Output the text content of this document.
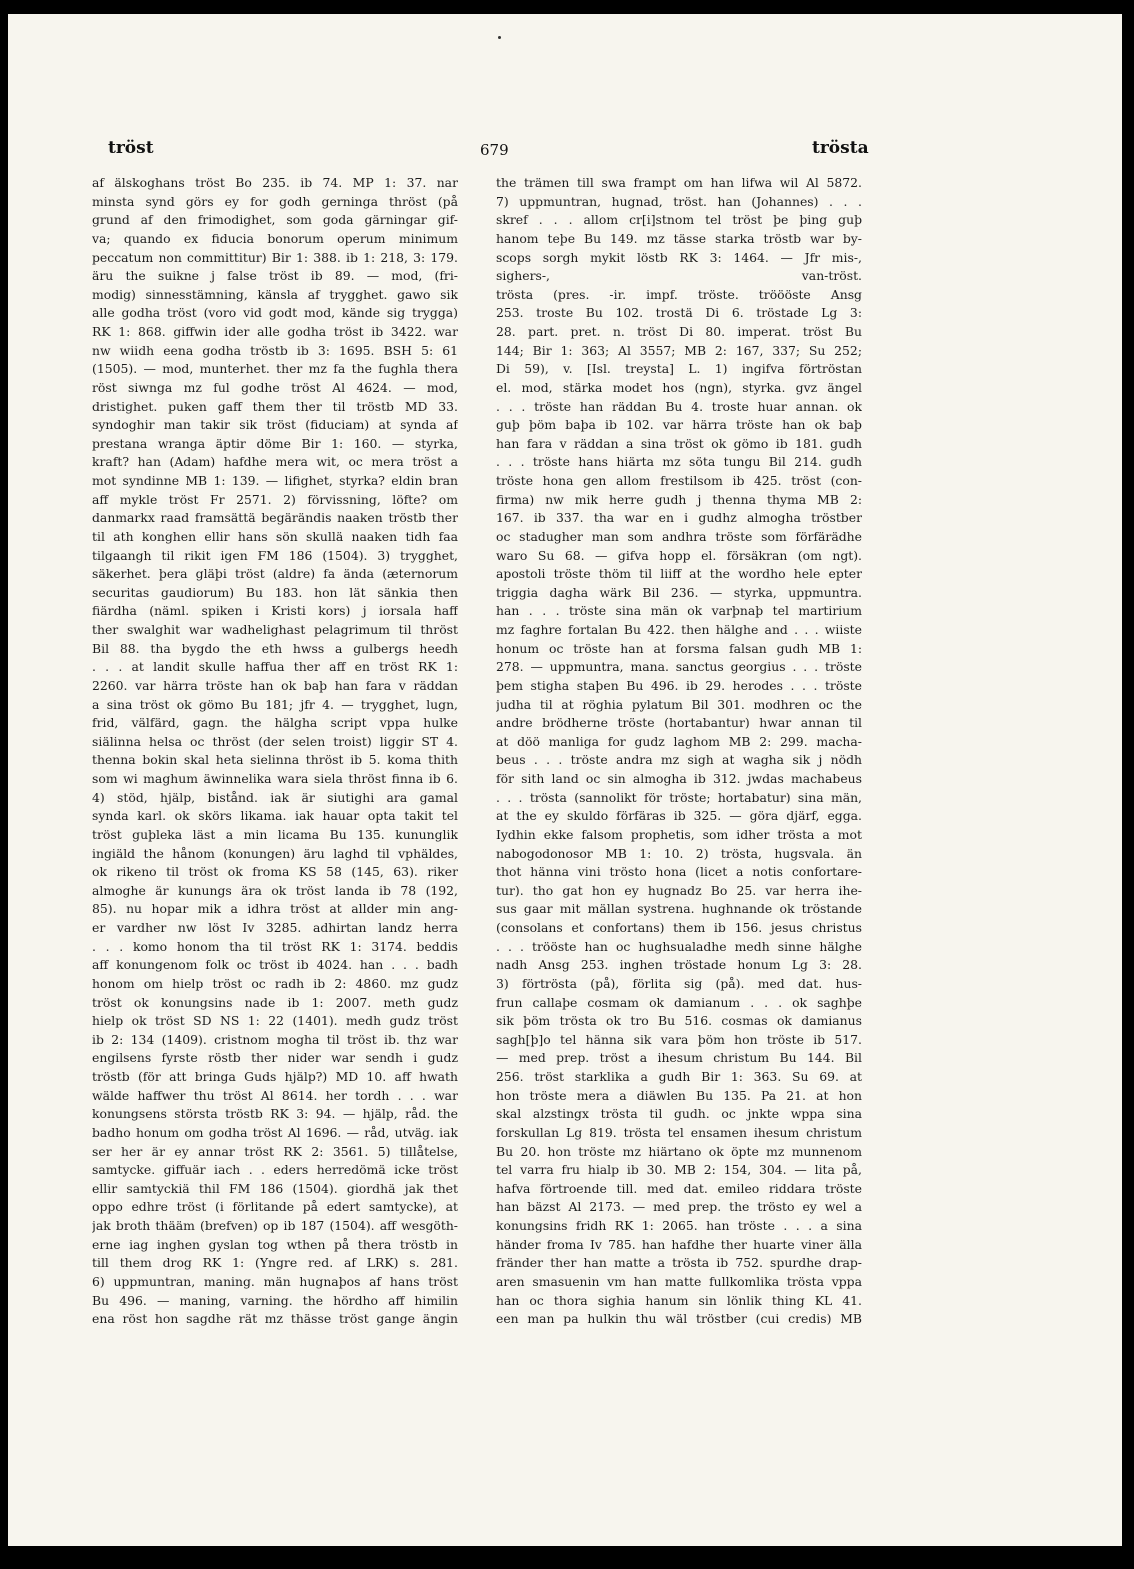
tröst	679	trösta
af älskoghans tröst Bo 235. ib 74. MP 1: 37. nar
minsta synd görs ey for godh gerninga thröst (på
grund af den frimodighet, som goda gärningar gif-
va; quando ex fiducia bonorum operum minimum
peccatum non committitur) Bir 1: 388. ib 1: 218, 3: 179.
äru the suikne j false tröst ib 89. — mod, (fri-
modig) sinnesstämning, känsla af trygghet. gawo sik
alle godha tröst (voro vid godt mod, kände sig trygga)
RK 1: 868. giffwin ider alle godha tröst ib 3422. war
nw wiidh eena godha tröstb ib 3: 1695. BSH 5: 61
(1505). — mod, munterhet. ther mz fa the fughla thera
röst siwnga mz ful godhe tröst Al 4624. — mod,
dristighet. puken gaff them ther til tröstb MD 33.
syndoghir man takir sik tröst (fiduciam) at synda af
prestana wranga äptir döme Bir 1: 160. — styrka,
kraft? han (Adam) hafdhe mera wit, oc mera tröst a
mot syndinne MB 1: 139. — lifighet, styrka? eldin bran
aff mykle tröst Fr 2571. 2) förvissning, löfte? om
danmarkx raad framsättä begärändis naaken tröstb ther
til ath konghen ellir hans sön skullä naaken tidh faa
tilgaangh til rikit igen FM 186 (1504). 3) trygghet,
säkerhet. þera gläþi tröst (aldre) fa ända (æternorum
securitas gaudiorum) Bu 183. hon lät sänkia then
fiärdha (näml. spiken i Kristi kors) j iorsala haff
ther swalghit war wadhelighast pelagrimum til thröst
Bil 88. tha bygdo the eth hwss a gulbergs heedh
. . . at landit skulle haffua ther aff en tröst RK 1:
2260. var härra tröste han ok baþ han fara v räddan
a sina tröst ok gömo Bu 181; jfr 4. — trygghet, lugn,
frid, välfärd, gagn. the hälgha script vppa hulke
siälinna helsa oc thröst (der selen troist) liggir ST 4.
thenna bokin skal heta sielinna thröst ib 5. koma thith
som wi maghum äwinnelika wara siela thröst finna ib 6.
4) stöd, hjälp, bistånd. iak är siutighi ara gamal
synda karl. ok skörs likama. iak hauar opta takit tel
tröst guþleka läst a min licama Bu 135. kununglik
ingiäld the hånom (konungen) äru laghd til vphäldes,
ok rikeno til tröst ok froma KS 58 (145, 63). riker
almoghe är kunungs ära ok tröst landa ib 78 (192,
85). nu hopar mik a idhra tröst at allder min ang-
er vardher nw löst Iv 3285. adhirtan landz herra
. . . komo honom tha til tröst RK 1: 3174. beddis
aff konungenom folk oc tröst ib 4024. han . . . badh
honom om hielp tröst oc radh ib 2: 4860. mz gudz
tröst ok konungsins nade ib 1: 2007. meth gudz
hielp ok tröst SD NS 1: 22 (1401). medh gudz tröst
ib 2: 134 (1409). cristnom mogha til tröst ib. thz war
engilsens fyrste röstb ther nider war sendh i gudz
tröstb (för att bringa Guds hjälp?) MD 10. aff hwath
wälde haffwer thu tröst Al 8614. her tordh . . . war
konungsens största tröstb RK 3: 94. — hjälp, råd. the
badho honum om godha tröst Al 1696. — råd, utväg. iak
ser her är ey annar tröst RK 2: 3561. 5) tillåtelse,
samtycke. giffuär iach . . eders herredömä icke tröst
ellir samtyckiä thil FM 186 (1504). giordhä jak thet
oppo edhre tröst (i förlitande på edert samtycke), at
jak broth thääm (brefven) op ib 187 (1504). aff wesgöth-
erne iag inghen gyslan tog wthen på thera tröstb in
till them drog RK 1: (Yngre red. af LRK) s. 281.
6) uppmuntran, maning. män hugnaþos af hans tröst
Bu 496. — maning, varning. the hördho aff himilin
ena röst hon sagdhe rät mz thässe tröst gange ängin
the trämen till swa frampt om han lifwa wil Al 5872.
7) uppmuntran, hugnad, tröst. han (Johannes) . . .
skref . . . allom cr[i]stnom tel tröst þe þing guþ
hanom teþe Bu 149. mz tässe starka tröstb war by-
scops sorgh mykit löstb RK 3: 1464. — Jfr mis-,
sighers-, van-tröst.
trösta (pres. -ir. impf. tröste. tröööste Ansg
253. troste Bu 102. trostä Di 6. tröstade Lg 3:
28. part. pret. n. tröst Di 80. imperat. tröst Bu
144; Bir 1: 363; Al 3557; MB 2: 167, 337; Su 252;
Di 59), v. [Isl. treysta] L. 1) ingifva förtröstan
el. mod, stärka modet hos (ngn), styrka. gvz ängel
. . . tröste han räddan Bu 4. troste huar annan. ok
guþ þöm baþa ib 102. var härra tröste han ok baþ
han fara v räddan a sina tröst ok gömo ib 181. gudh
. . . tröste hans hiärta mz söta tungu Bil 214. gudh
tröste hona gen allom frestilsom ib 425. tröst (con-
firma) nw mik herre gudh j thenna thyma MB 2:
167. ib 337. tha war en i gudhz almogha tröstber
oc stadugher man som andhra tröste som förfärädhe
waro Su 68. — gifva hopp el. försäkran (om ngt).
apostoli tröste thöm til liiff at the wordho hele epter
triggia dagha wärk Bil 236. — styrka, uppmuntra.
han . . . tröste sina män ok varþnaþ tel martirium
mz faghre fortalan Bu 422. then hälghe and . . . wiiste
honum oc tröste han at forsma falsan gudh MB 1:
278. — uppmuntra, mana. sanctus georgius . . . tröste
þem stigha staþen Bu 496. ib 29. herodes . . . tröste
judha til at röghia pylatum Bil 301. modhren oc the
andre brödherne tröste (hortabantur) hwar annan til
at döö manliga for gudz laghom MB 2: 299. macha-
beus . . . tröste andra mz sigh at wagha sik j nödh
för sith land oc sin almogha ib 312. jwdas machabeus
. . . trösta (sannolikt för tröste; hortabatur) sina män,
at the ey skuldo förfäras ib 325. — göra djärf, egga.
Iydhin ekke falsom prophetis, som idher trösta a mot
nabogodonosor MB 1: 10. 2) trösta, hugsvala. än
thot hänna vini trösto hona (licet a notis confortare-
tur). tho gat hon ey hugnadz Bo 25. var herra ihe-
sus gaar mit mällan systrena. hughnande ok tröstande
(consolans et confortans) them ib 156. jesus christus
. . . trööste han oc hughsualadhe medh sinne hälghe
nadh Ansg 253. inghen tröstade honum Lg 3: 28.
3) förtrösta (på), förlita sig (på). med dat. hus-
frun callaþe cosmam ok damianum . . . ok saghþe
sik þöm trösta ok tro Bu 516. cosmas ok damianus
sagh[þ]o tel hänna sik vara þöm hon tröste ib 517.
— med prep. tröst a ihesum christum Bu 144. Bil
256. tröst starklika a gudh Bir 1: 363. Su 69. at
hon tröste mera a diäwlen Bu 135. Pa 21. at hon
skal alzstingx trösta til gudh. oc jnkte wppa sina
forskullan Lg 819. trösta tel ensamen ihesum christum
Bu 20. hon tröste mz hiärtano ok öpte mz munnenom
tel varra fru hialp ib 30. MB 2: 154, 304. — lita på,
hafva förtroende till. med dat. emileo riddara tröste
han bäzst Al 2173. — med prep. the trösto ey wel a
konungsins fridh RK 1: 2065. han tröste . . . a sina
händer froma Iv 785. han hafdhe ther huarte viner älla
fränder ther han matte a trösta ib 752. spurdhe drap-
aren smasuenin vm han matte fullkomlika trösta vppa
han oc thora sighia hanum sin lönlik thing KL 41.
een man pa hulkin thu wäl tröstber (cui credis) MB
